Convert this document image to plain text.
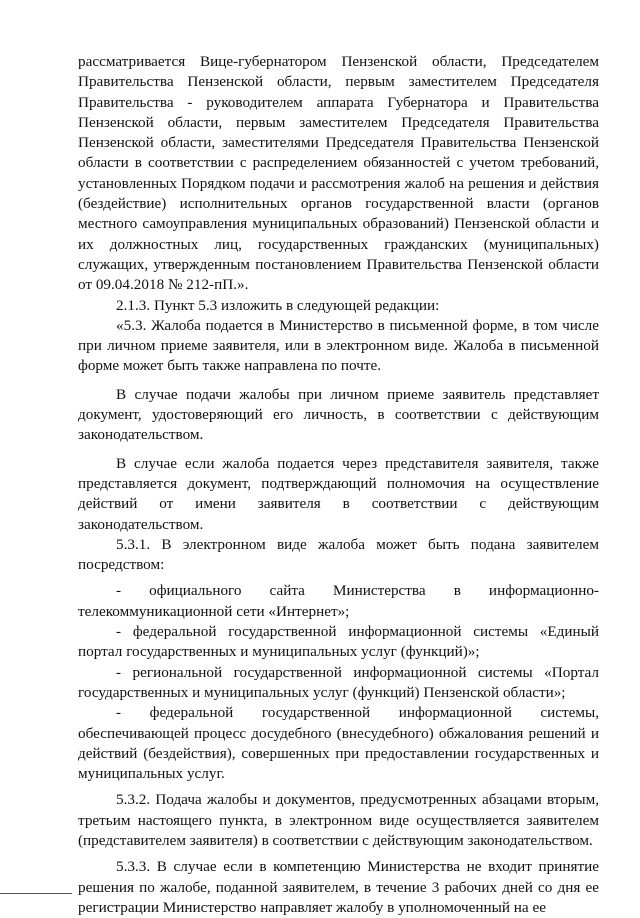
рассматривается Вице-губернатором Пензенской области, Председателем Правительства Пензенской области, первым заместителем Председателя Правительства - руководителем аппарата Губернатора и Правительства Пензенской области, первым заместителем Председателя Правительства Пензенской области, заместителями Председателя Правительства Пензенской области в соответствии с распределением обязанностей с учетом требований, установленных Порядком подачи и рассмотрения жалоб на решения и действия (бездействие) исполнительных органов государственной власти (органов местного самоуправления муниципальных образований) Пензенской области и их должностных лиц, государственных гражданских (муниципальных) служащих, утвержденным постановлением Правительства Пензенской области от 09.04.2018 № 212-пП.».

2.1.3. Пункт 5.3 изложить в следующей редакции:

«5.3. Жалоба подается в Министерство в письменной форме, в том числе при личном приеме заявителя, или в электронном виде. Жалоба в письменной форме может быть также направлена по почте.

В случае подачи жалобы при личном приеме заявитель представляет документ, удостоверяющий его личность, в соответствии с действующим законодательством.

В случае если жалоба подается через представителя заявителя, также представляется документ, подтверждающий полномочия на осуществление действий от имени заявителя в соответствии с действующим законодательством.

5.3.1. В электронном виде жалоба может быть подана заявителем посредством:

- официального сайта Министерства в информационно-телекоммуникационной сети «Интернет»;

- федеральной государственной информационной системы «Единый портал государственных и муниципальных услуг (функций)»;

- региональной государственной информационной системы «Портал государственных и муниципальных услуг (функций) Пензенской области»;

- федеральной государственной информационной системы, обеспечивающей процесс досудебного (внесудебного) обжалования решений и действий (бездействия), совершенных при предоставлении государственных и муниципальных услуг.

5.3.2. Подача жалобы и документов, предусмотренных абзацами вторым, третьим настоящего пункта, в электронном виде осуществляется заявителем (представителем заявителя) в соответствии с действующим законодательством.

5.3.3. В случае если в компетенцию Министерства не входит принятие решения по жалобе, поданной заявителем, в течение 3 рабочих дней со дня ее регистрации Министерство направляет жалобу в уполномоченный на ее
